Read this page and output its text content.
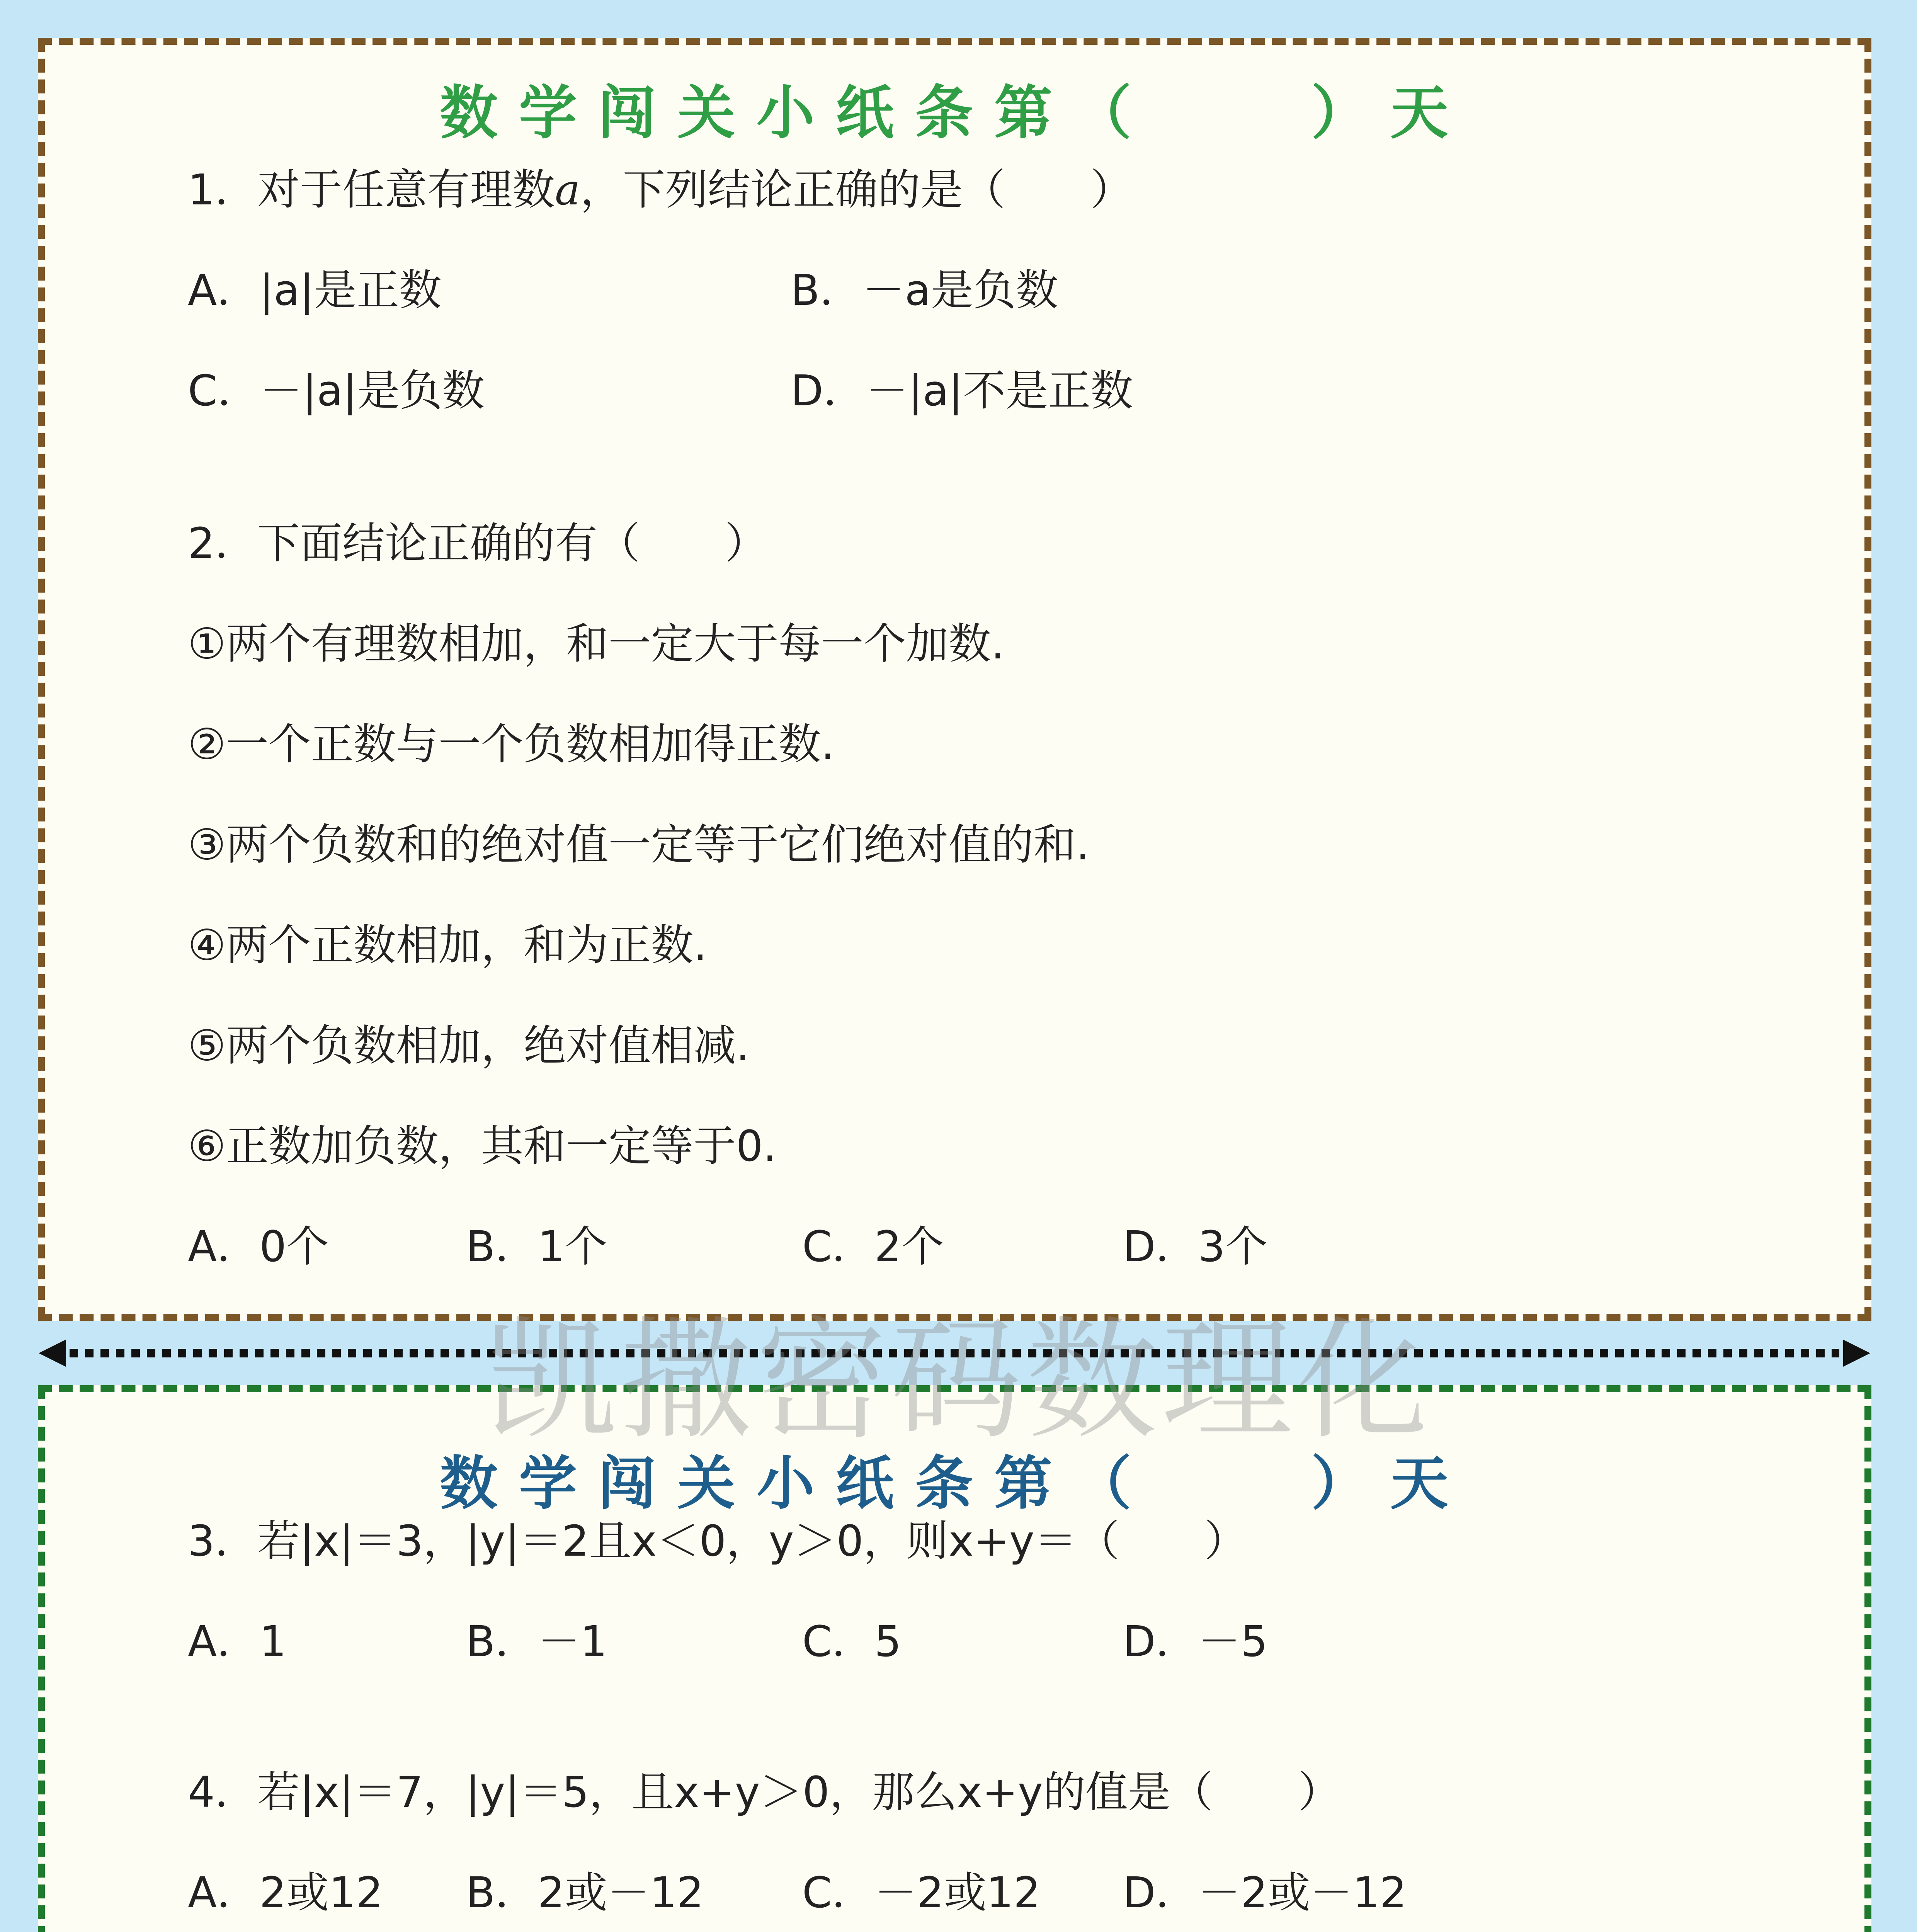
数学闯关小纸条第（　　）天
1．对于任意有理数a，下列结论正确的是（　　）
A．|a|是正数	B．－a是负数
C．－|a|是负数	D．－|a|不是正数
2．下面结论正确的有（　　）
①两个有理数相加，和一定大于每一个加数.
②一个正数与一个负数相加得正数.
③两个负数和的绝对值一定等于它们绝对值的和.
④两个正数相加，和为正数.
⑤两个负数相加，绝对值相减.
⑥正数加负数，其和一定等于0.
A．0个	B．1个	C．2个	D．3个
数学闯关小纸条第（　　）天
3．若|x|＝3，|y|＝2且x＜0，y＞0，则x+y＝（　　）
A．1	B．－1	C．5	D．－5
4．若|x|＝7，|y|＝5，且x+y＞0，那么x+y的值是（　　）
A．2或12 B．2或－12 C．－2或12 D．－2或－12
凯撒密码数理化
